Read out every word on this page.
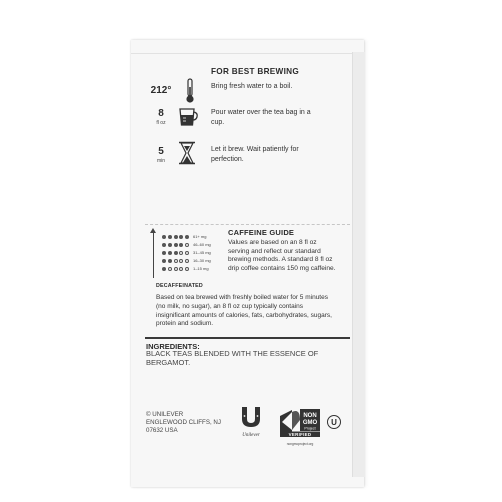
FOR BEST BREWING
212°	Bring fresh water to a boil.
8
fl oz
Pour water over the tea bag in a cup.
5
min
Let it brew. Wait patiently for perfection.
61+ mg
46–60 mg
31–45 mg
16–30 mg
1–15 mg
DECAFFEINATED
CAFFEINE GUIDE
Values are based on an 8 fl oz serving and reflect our standard brewing methods. A standard 8 fl oz drip coffee contains 150 mg caffeine.
Based on tea brewed with freshly boiled water for 5 minutes (no milk, no sugar), an 8 fl oz cup typically contains insignificant amounts of calories, fats, carbohydrates, sugars, protein and sodium.
INGREDIENTS:
BLACK TEAS BLENDED WITH THE ESSENCE OF BERGAMOT.
© UNILEVER
ENGLEWOOD CLIFFS, NJ
07632 USA
Unilever
NON
GMO
Project
VERIFIED
nongmoproject.org
U
